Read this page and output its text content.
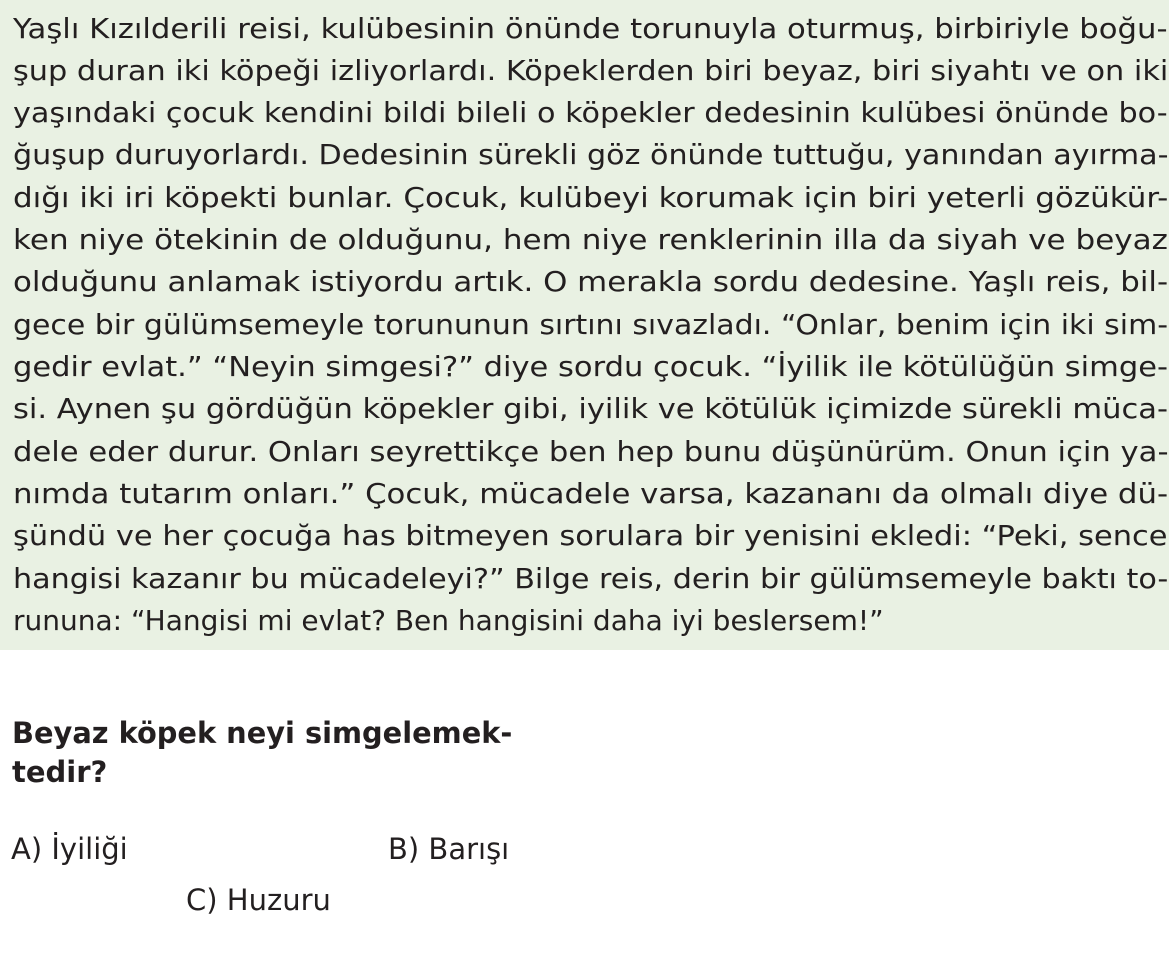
Yaşlı Kızılderili reisi, kulübesinin önünde torunuyla oturmuş, birbiriyle boğu-
şup duran iki köpeği izliyorlardı. Köpeklerden biri beyaz, biri siyahtı ve on iki
yaşındaki çocuk kendini bildi bileli o köpekler dedesinin kulübesi önünde bo-
ğuşup duruyorlardı. Dedesinin sürekli göz önünde tuttuğu, yanından ayırma-
dığı iki iri köpekti bunlar. Çocuk, kulübeyi korumak için biri yeterli gözükür-
ken niye ötekinin de olduğunu, hem niye renklerinin illa da siyah ve beyaz
olduğunu anlamak istiyordu artık. O merakla sordu dedesine. Yaşlı reis, bil-
gece bir gülümsemeyle torununun sırtını sıvazladı. “Onlar, benim için iki sim-
gedir evlat.” “Neyin simgesi?” diye sordu çocuk. “İyilik ile kötülüğün simge-
si. Aynen şu gördüğün köpekler gibi, iyilik ve kötülük içimizde sürekli müca-
dele eder durur. Onları seyrettikçe ben hep bunu düşünürüm. Onun için ya-
nımda tutarım onları.” Çocuk, mücadele varsa, kazananı da olmalı diye dü-
şündü ve her çocuğa has bitmeyen sorulara bir yenisini ekledi: “Peki, sence
hangisi kazanır bu mücadeleyi?” Bilge reis, derin bir gülümsemeyle baktı to-
rununa: “Hangisi mi evlat? Ben hangisini daha iyi beslersem!”
Beyaz köpek neyi simgelemek-
tedir?
A) İyiliği	B) Barışı
C) Huzuru
